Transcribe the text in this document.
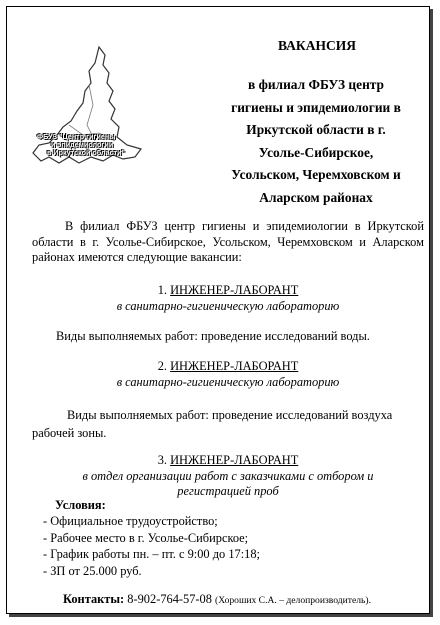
ФБУЗ "Центр гигиены
и эпидемиологии
в Иркутской области"
ВАКАНСИЯ
в филиал ФБУЗ центр
гигиены и эпидемиологии в
Иркутской области в г.
Усолье-Сибирское,
Усольском, Черемховском и
Аларском районах
В филиал ФБУЗ центр гигиены и эпидемиологии в Иркутской области в г. Усолье-Сибирское, Усольском, Черемховском и Аларском районах имеются следующие вакансии:
1. ИНЖЕНЕР-ЛАБОРАНТ
в санитарно-гигиеническую лабораторию
Виды выполняемых работ: проведение исследований воды.
2. ИНЖЕНЕР-ЛАБОРАНТ
в санитарно-гигиеническую лабораторию
Виды выполняемых работ: проведение исследований воздуха рабочей зоны.
3. ИНЖЕНЕР-ЛАБОРАНТ
в отдел организации работ с заказчиками с отбором и
регистрацией проб
Условия:
- Официальное трудоустройство;
- Рабочее место в г. Усолье-Сибирское;
- График работы пн. – пт. с 9:00 до 17:18;
- ЗП от 25.000 руб.
Контакты: 8-902-764-57-08 (Хороших С.А. – делопроизводитель).
